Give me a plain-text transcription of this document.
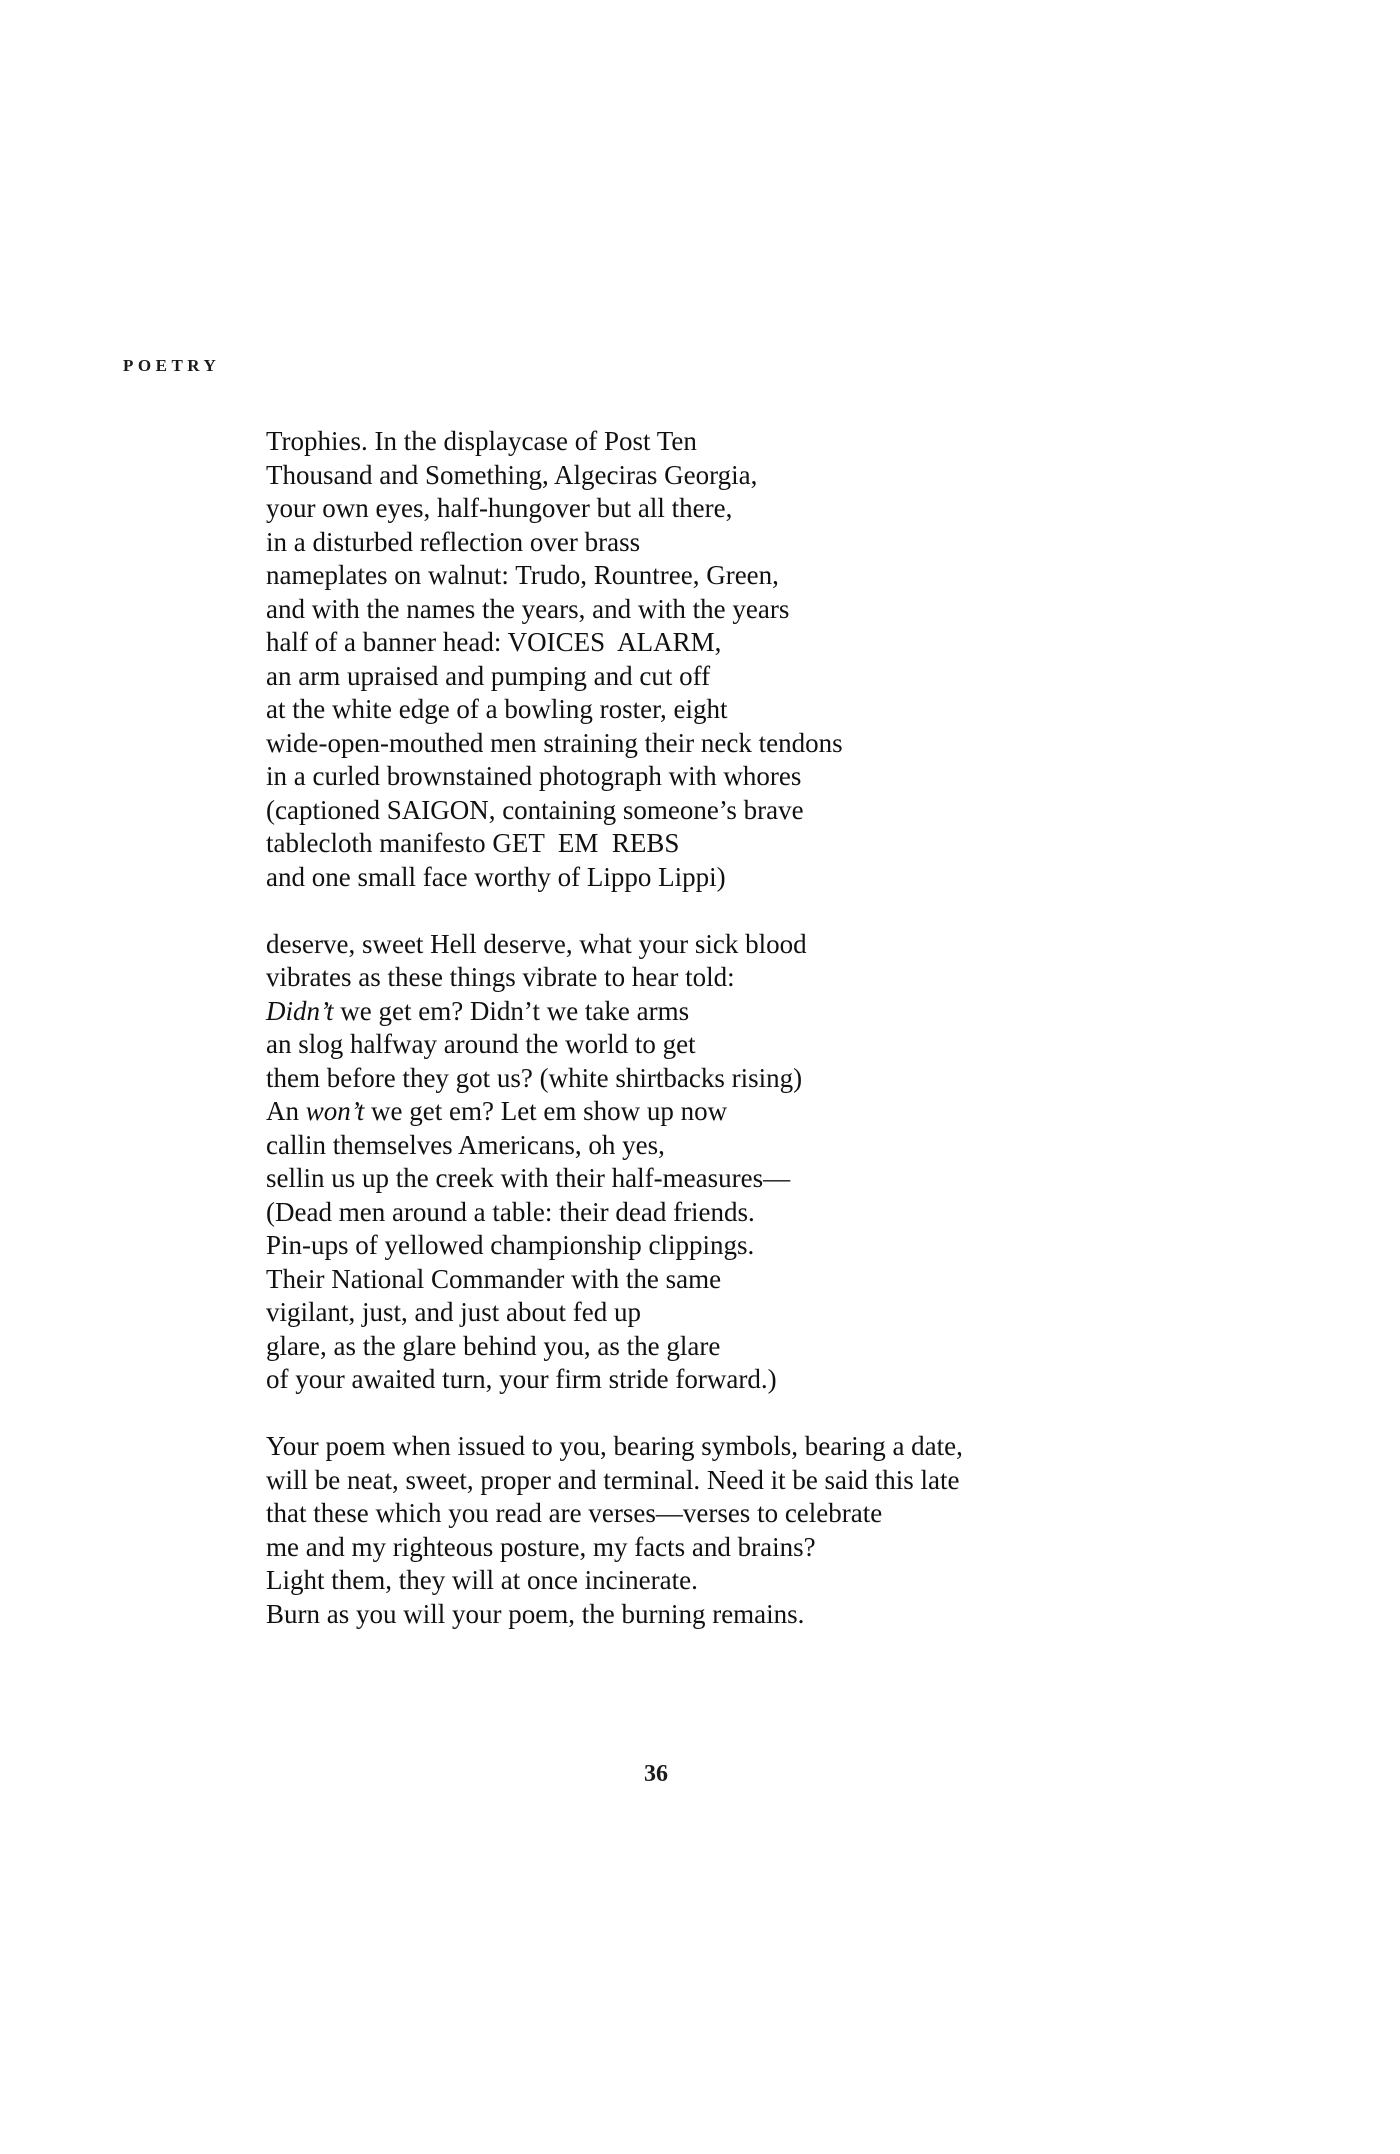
POETRY
Trophies. In the displaycase of Post Ten
Thousand and Something, Algeciras Georgia,
your own eyes, half-hungover but all there,
in a disturbed reflection over brass
nameplates on walnut: Trudo, Rountree, Green,
and with the names the years, and with the years
half of a banner head: VOICES  ALARM,
an arm upraised and pumping and cut off
at the white edge of a bowling roster, eight
wide-open-mouthed men straining their neck tendons
in a curled brownstained photograph with whores
(captioned SAIGON, containing someone’s brave
tablecloth manifesto GET  EM  REBS
and one small face worthy of Lippo Lippi)
deserve, sweet Hell deserve, what your sick blood
vibrates as these things vibrate to hear told:
Didn’t we get em? Didn’t we take arms
an slog halfway around the world to get
them before they got us? (white shirtbacks rising)
An won’t we get em? Let em show up now
callin themselves Americans, oh yes,
sellin us up the creek with their half-measures—
(Dead men around a table: their dead friends.
Pin-ups of yellowed championship clippings.
Their National Commander with the same
vigilant, just, and just about fed up
glare, as the glare behind you, as the glare
of your awaited turn, your firm stride forward.)
Your poem when issued to you, bearing symbols, bearing a date,
will be neat, sweet, proper and terminal. Need it be said this late
that these which you read are verses—verses to celebrate
me and my righteous posture, my facts and brains?
Light them, they will at once incinerate.
Burn as you will your poem, the burning remains.
36
